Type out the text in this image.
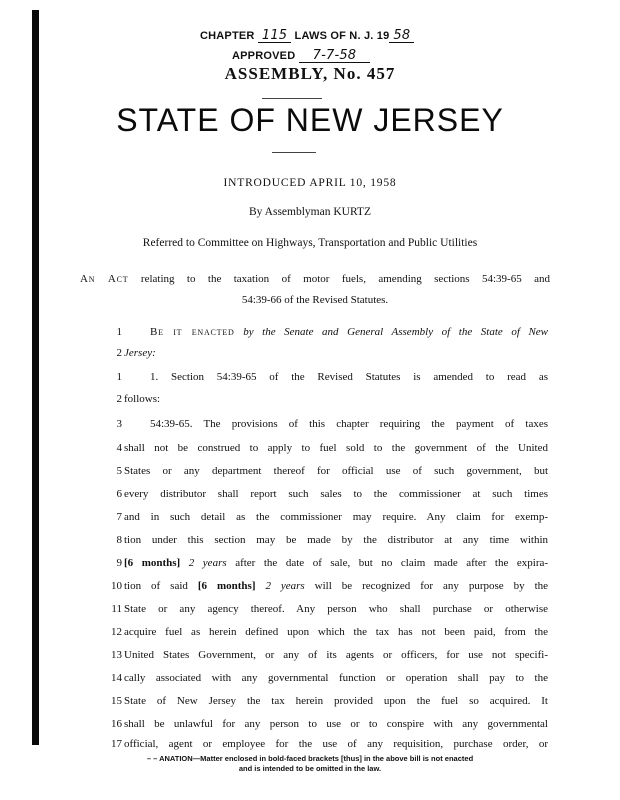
CHAPTER 115 LAWS OF N. J. 19 58
APPROVED 7-7-58
ASSEMBLY, No. 457
STATE OF NEW JERSEY
INTRODUCED APRIL 10, 1958
By Assemblyman KURTZ
Referred to Committee on Highways, Transportation and Public Utilities
An Act relating to the taxation of motor fuels, amending sections 54:39-65 and
54:39-66 of the Revised Statutes.
1	Be it enacted by the Senate and General Assembly of the State of New
2 Jersey:
1	1. Section 54:39-65 of the Revised Statutes is amended to read as
2 follows:
3	54:39-65. The provisions of this chapter requiring the payment of taxes
4 shall not be construed to apply to fuel sold to the government of the United
5 States or any department thereof for official use of such government, but
6 every distributor shall report such sales to the commissioner at such times
7 and in such detail as the commissioner may require. Any claim for exemp-
8 tion under this section may be made by the distributor at any time within
9 [6 months] 2 years after the date of sale, but no claim made after the expira-
10 tion of said [6 months] 2 years will be recognized for any purpose by the
11 State or any agency thereof. Any person who shall purchase or otherwise
12 acquire fuel as herein defined upon which the tax has not been paid, from the
13 United States Government, or any of its agents or officers, for use not specifi-
14 cally associated with any governmental function or operation shall pay to the
15 State of New Jersey the tax herein provided upon the fuel so acquired. It
16 shall be unlawful for any person to use or to conspire with any governmental
17 official, agent or employee for the use of any requisition, purchase order, or
– – ANATION—Matter enclosed in bold-faced brackets [thus] in the above bill is not enacted
and is intended to be omitted in the law.
